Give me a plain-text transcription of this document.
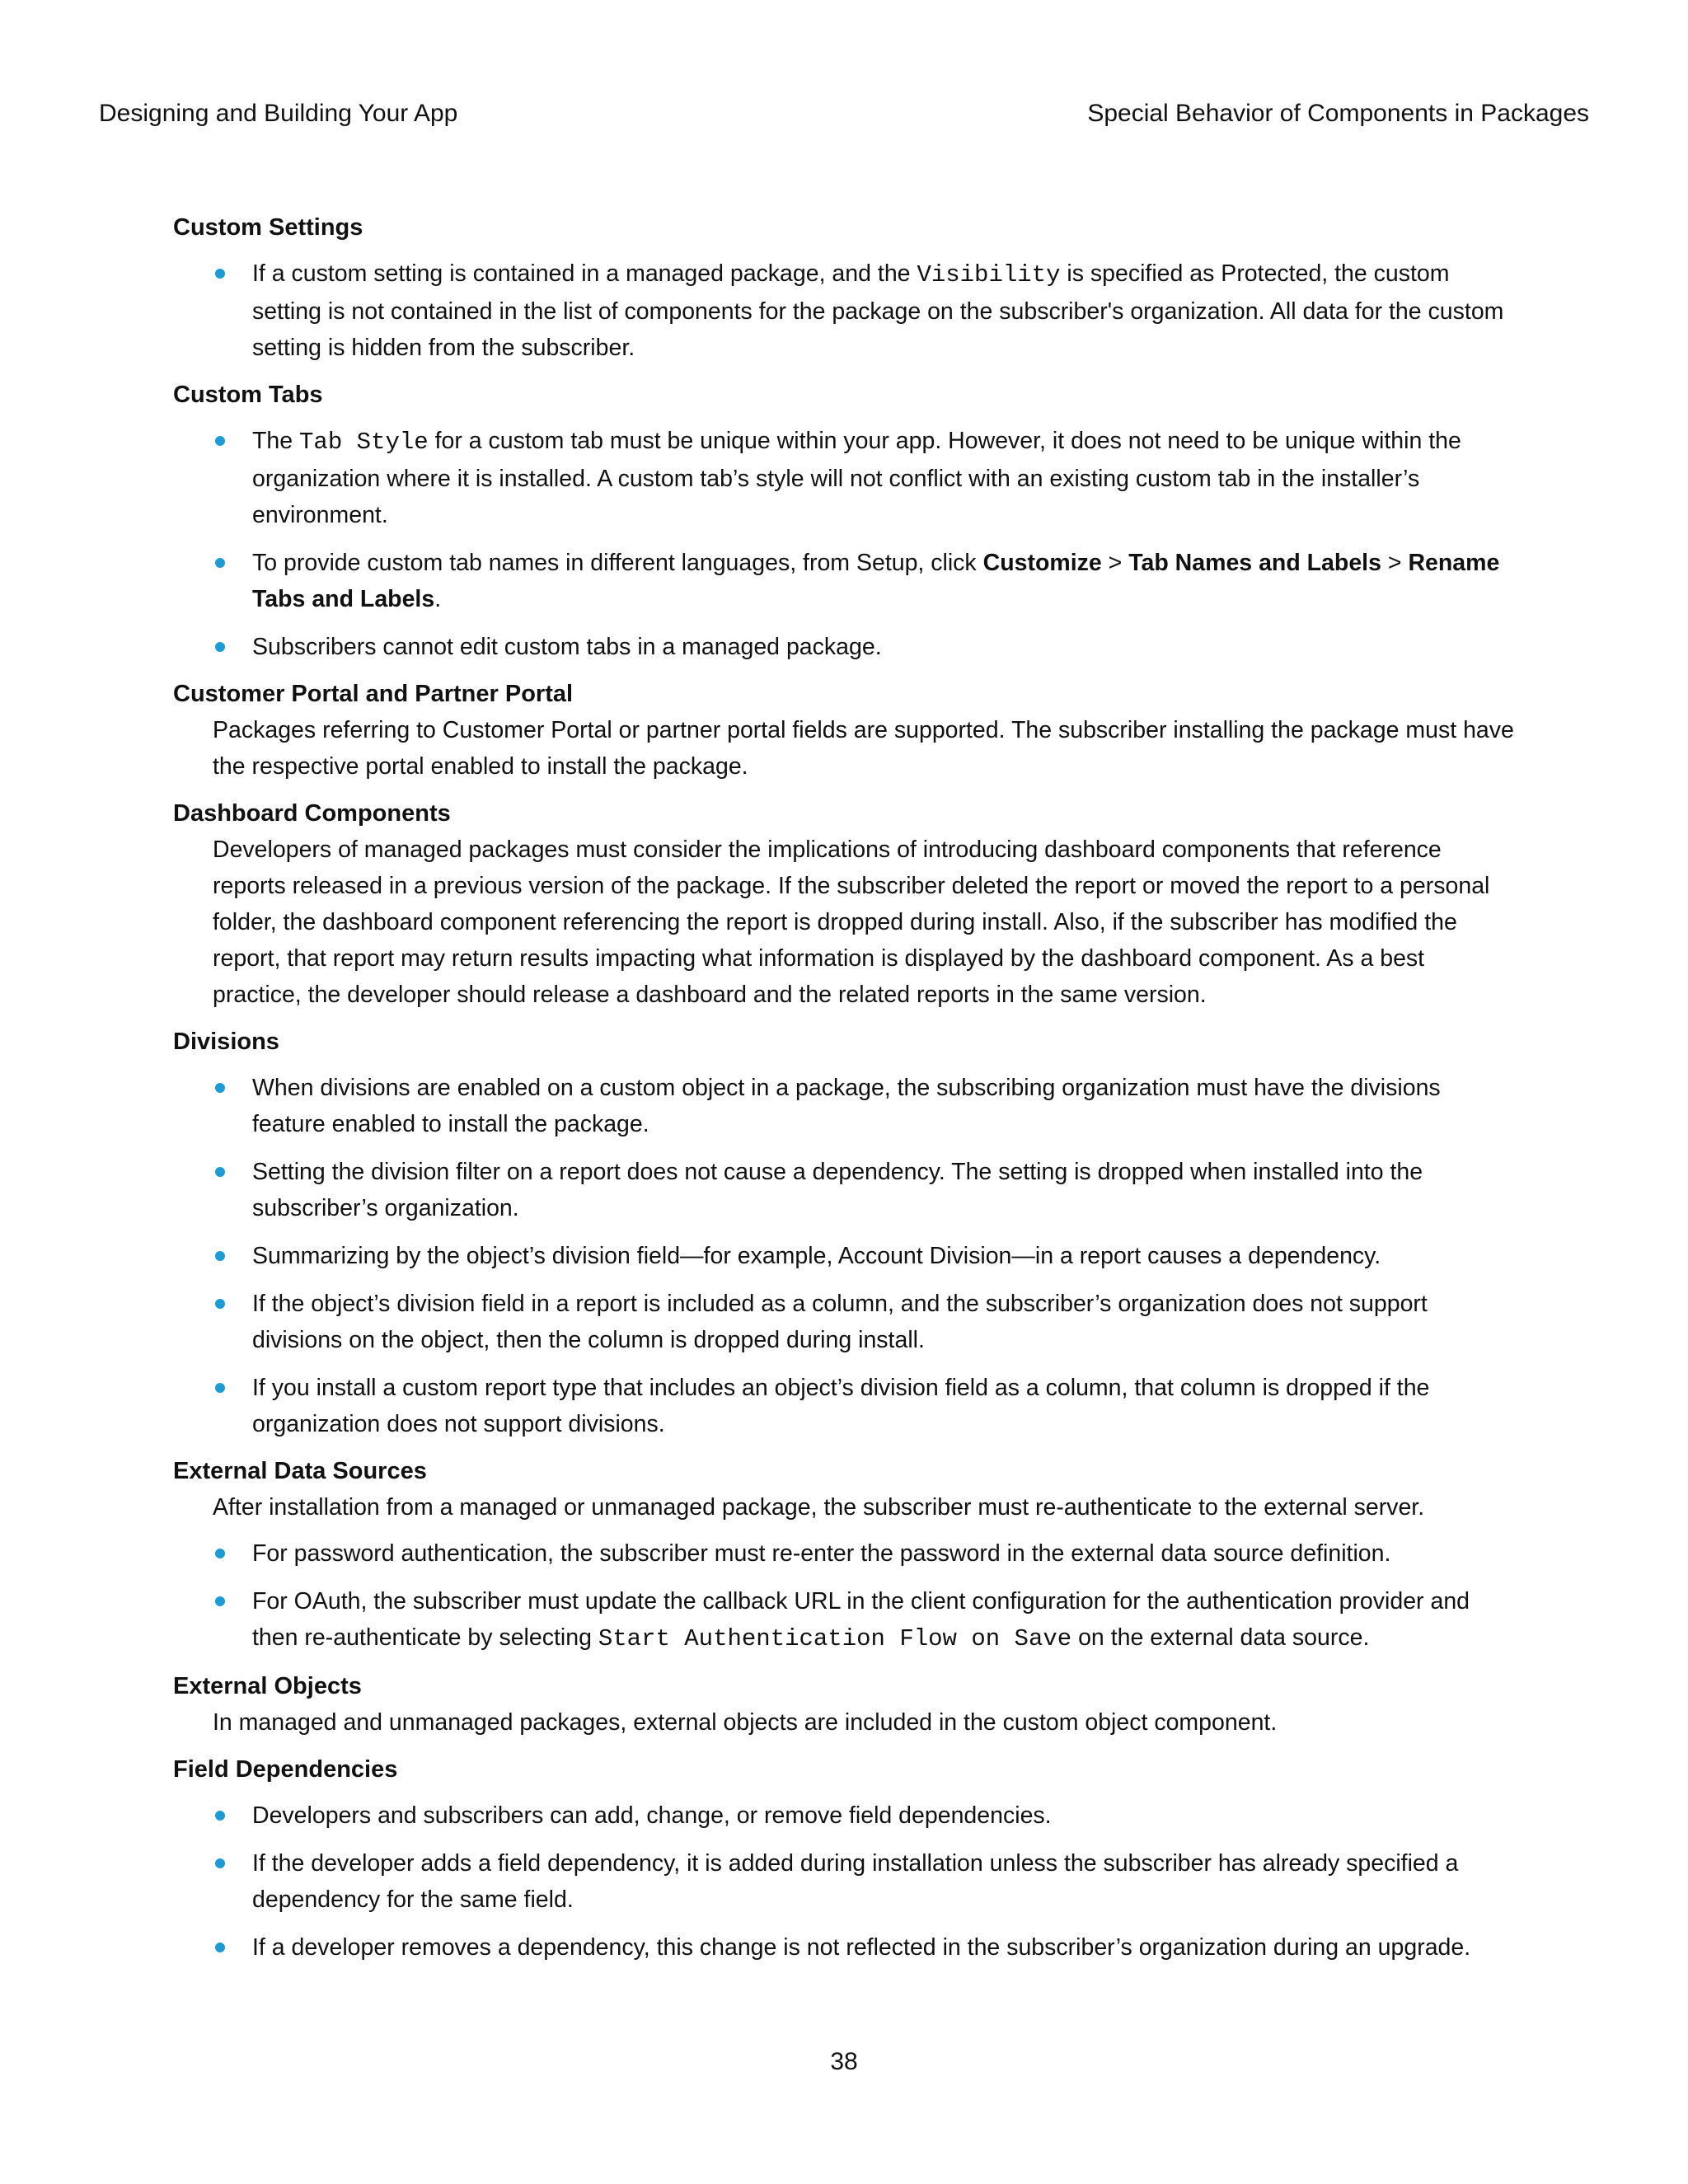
Designing and Building Your App	Special Behavior of Components in Packages

Custom Settings

If a custom setting is contained in a managed package, and the Visibility is specified as Protected, the custom setting is not contained in the list of components for the package on the subscriber's organization. All data for the custom setting is hidden from the subscriber.

Custom Tabs

The Tab Style for a custom tab must be unique within your app. However, it does not need to be unique within the organization where it is installed. A custom tab’s style will not conflict with an existing custom tab in the installer’s environment.
To provide custom tab names in different languages, from Setup, click Customize > Tab Names and Labels > Rename Tabs and Labels.
Subscribers cannot edit custom tabs in a managed package.

Customer Portal and Partner Portal

Packages referring to Customer Portal or partner portal fields are supported. The subscriber installing the package must have the respective portal enabled to install the package.

Dashboard Components

Developers of managed packages must consider the implications of introducing dashboard components that reference reports released in a previous version of the package. If the subscriber deleted the report or moved the report to a personal folder, the dashboard component referencing the report is dropped during install. Also, if the subscriber has modified the report, that report may return results impacting what information is displayed by the dashboard component. As a best practice, the developer should release a dashboard and the related reports in the same version.

Divisions

When divisions are enabled on a custom object in a package, the subscribing organization must have the divisions feature enabled to install the package.
Setting the division filter on a report does not cause a dependency. The setting is dropped when installed into the subscriber’s organization.
Summarizing by the object’s division field—for example, Account Division—in a report causes a dependency.
If the object’s division field in a report is included as a column, and the subscriber’s organization does not support divisions on the object, then the column is dropped during install.
If you install a custom report type that includes an object’s division field as a column, that column is dropped if the organization does not support divisions.

External Data Sources

After installation from a managed or unmanaged package, the subscriber must re-authenticate to the external server.

For password authentication, the subscriber must re-enter the password in the external data source definition.
For OAuth, the subscriber must update the callback URL in the client configuration for the authentication provider and then re-authenticate by selecting Start Authentication Flow on Save on the external data source.

External Objects

In managed and unmanaged packages, external objects are included in the custom object component.

Field Dependencies

Developers and subscribers can add, change, or remove field dependencies.
If the developer adds a field dependency, it is added during installation unless the subscriber has already specified a dependency for the same field.
If a developer removes a dependency, this change is not reflected in the subscriber’s organization during an upgrade.
38
